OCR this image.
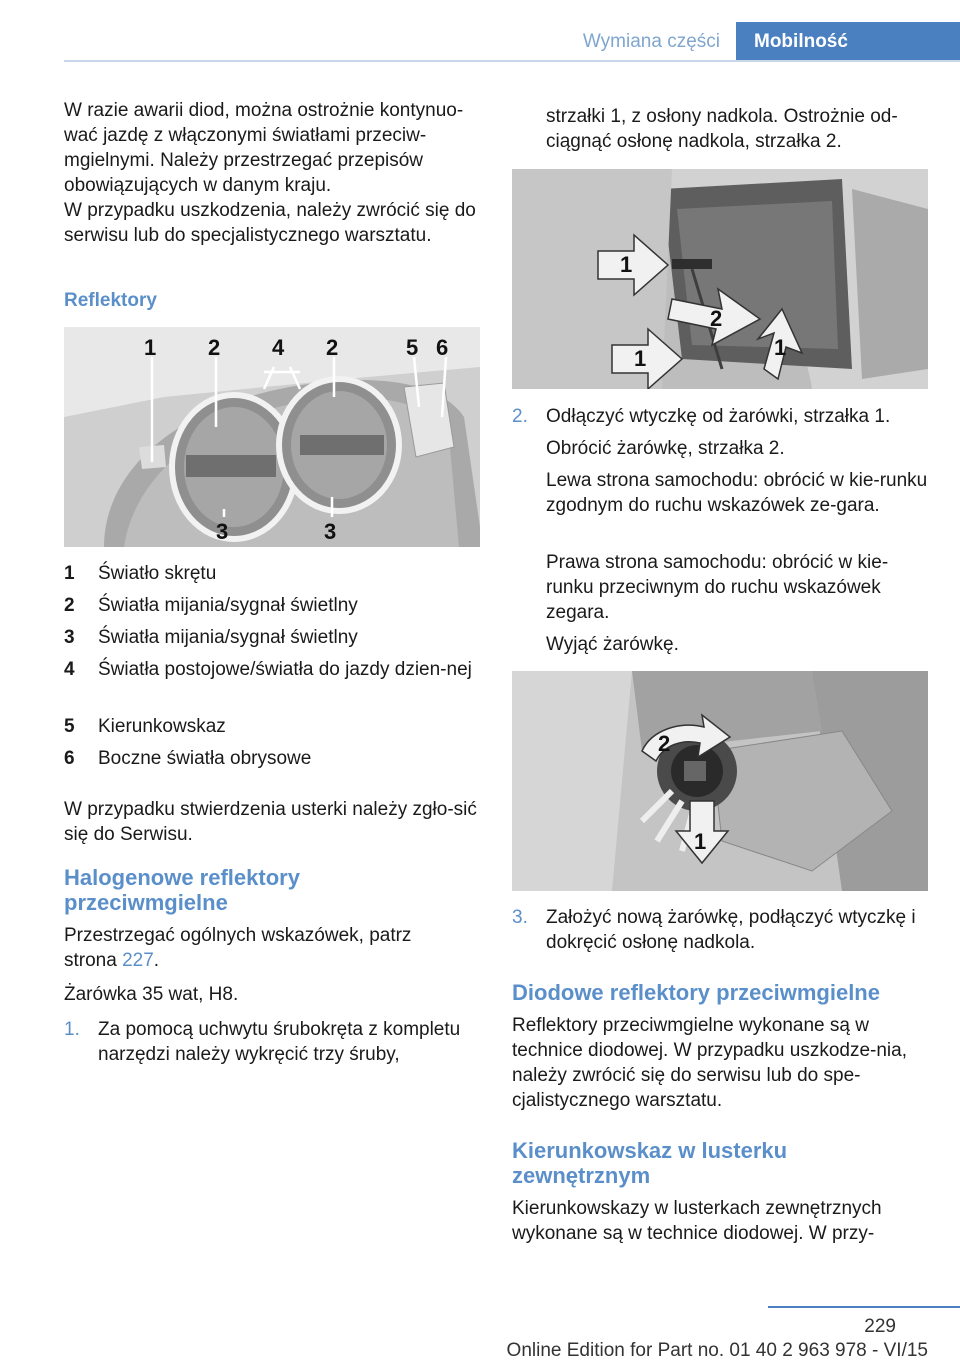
Wymiana części	Mobilność

W razie awarii diod, można ostrożnie kontynuo-wać jazdę z włączonymi światłami przeciw-mgielnymi. Należy przestrzegać przepisów obowiązujących w danym kraju.

W przypadku uszkodzenia, należy zwrócić się do serwisu lub do specjalistycznego warsztatu.

Reflektory
1 2 4 2	5 6
3	3
1 Światło skrętu
2 Światła mijania/sygnał świetlny
3 Światła mijania/sygnał świetlny
4 Światła postojowe/światła do jazdy dzien-nej
5 Kierunkowskaz
6 Boczne światła obrysowe

W przypadku stwierdzenia usterki należy zgło-sić się do Serwisu.

Halogenowe reflektory przeciwmgielne

Przestrzegać ogólnych wskazówek, patrz strona 227.

Żarówka 35 wat, H8.

1. Za pomocą uchwytu śrubokręta z kompletu narzędzi należy wykręcić trzy śruby,

strzałki 1, z osłony nadkola. Ostrożnie od-ciągnąć osłonę nadkola, strzałka 2.

1
2
1	1
2. Odłączyć wtyczkę od żarówki, strzałka 1.
Obrócić żarówkę, strzałka 2.
Lewa strona samochodu: obrócić w kie-runku zgodnym do ruchu wskazówek ze-gara.
Prawa strona samochodu: obrócić w kie-runku przeciwnym do ruchu wskazówek zegara.
Wyjąć żarówkę.
2
1
3. Założyć nową żarówkę, podłączyć wtyczkę i dokręcić osłonę nadkola.
Diodowe reflektory przeciwmgielne

Reflektory przeciwmgielne wykonane są w technice diodowej. W przypadku uszkodze-nia, należy zwrócić się do serwisu lub do spe-cjalistycznego warsztatu.

Kierunkowskaz w lusterku zewnętrznym

Kierunkowskazy w lusterkach zewnętrznych wykonane są w technice diodowej. W przy-

229
Online Edition for Part no. 01 40 2 963 978 - VI/15
